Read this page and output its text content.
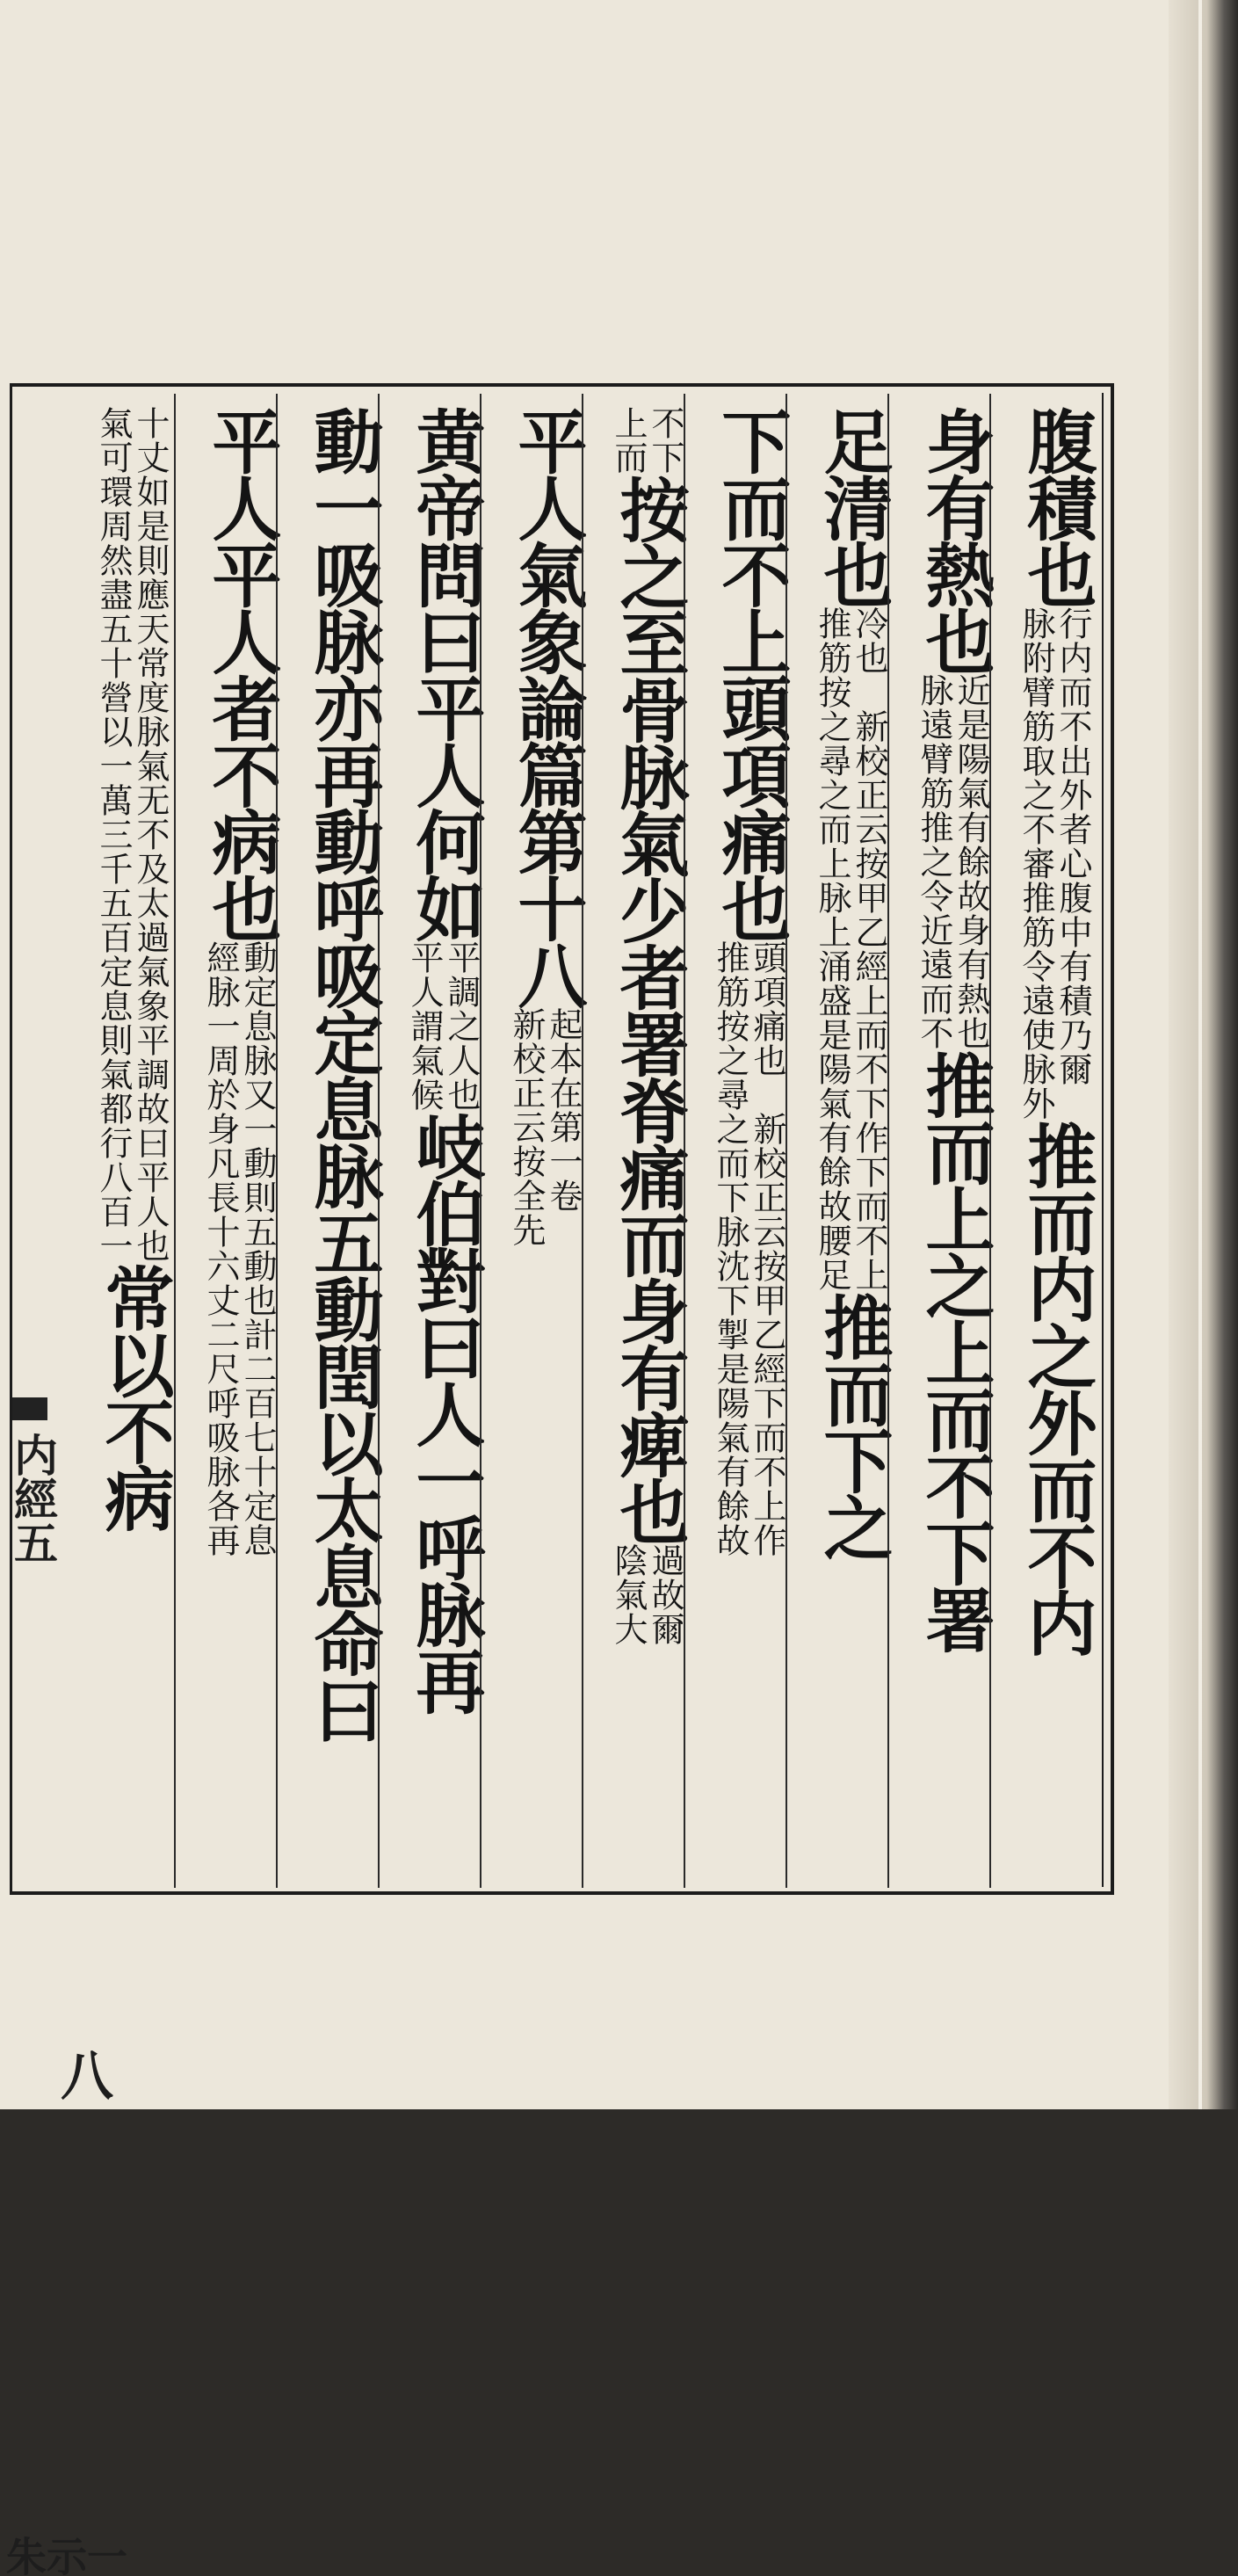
内經五
八
一示朱
腹積也
行内而不出外者心腹中有積乃爾
脉附臂筋取之不審推筋令遠使脉外
推而内之外而不内
身有熱也
近是陽氣有餘故身有熱也
脉遠臂筋推之令近遠而不
推而上之上而不下署
足清也
冷也　新校正云按甲乙經上而不下作下而不上
推筋按之尋之而上脉上涌盛是陽氣有餘故腰足
推而下之
下而不上頭項痛也
頭項痛也　新校正云按甲乙經下而不上作
推筋按之尋之而下脉沈下掣是陽氣有餘故
不下
上而
按之至骨脉氣少者署脊痛而身有痺也
過故爾
陰氣大
平人氣象論篇第十八
起本在第一卷
新校正云按全先
黄帝問曰平人何如
平調之人也
平人謂氣候
岐伯對曰人一呼脉再
動一吸脉亦再動呼吸定息脉五動閏以太息命曰
平人平人者不病也
動定息脉又一動則五動也計二百七十定息
經脉一周於身凡長十六丈二尺呼吸脉各再
十丈如是則應天常度脉氣无不及太過氣象平調故曰平人也
氣可環周然盡五十營以一萬三千五百定息則氣都行八百一
常以不病
